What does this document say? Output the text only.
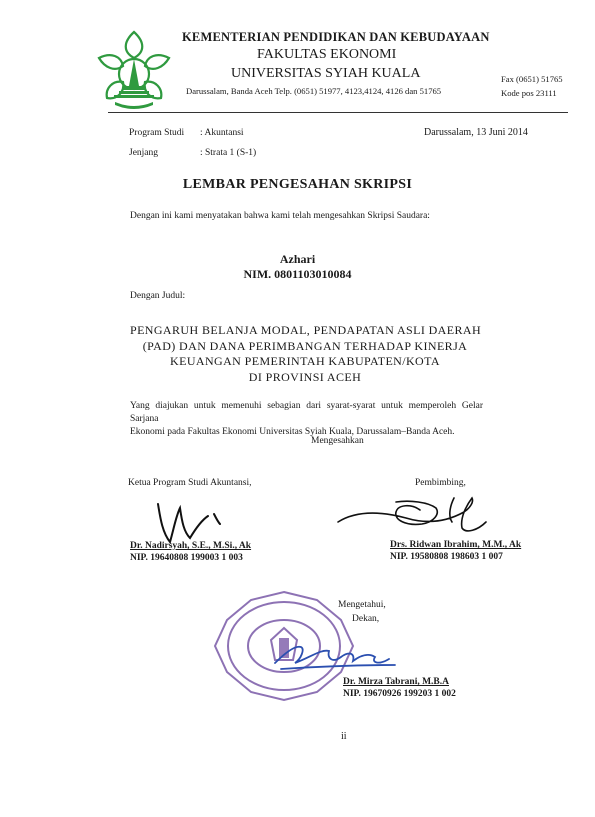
KEMENTERIAN PENDIDIKAN DAN KEBUDAYAAN
FAKULTAS EKONOMI
UNIVERSITAS SYIAH KUALA
Darussalam, Banda Aceh Telp. (0651) 51977, 4123,4124, 4126 dan 51765
Fax (0651) 51765
Kode pos 23111
Program Studi : Akuntansi
Jenjang	: Strata 1 (S-1)
Darussalam, 13 Juni 2014
LEMBAR PENGESAHAN SKRIPSI
Dengan ini kami menyatakan bahwa kami telah mengesahkan Skripsi Saudara:
Azhari
NIM. 0801103010084
Dengan Judul:
PENGARUH BELANJA MODAL, PENDAPATAN ASLI DAERAH
(PAD) DAN DANA PERIMBANGAN TERHADAP KINERJA
KEUANGAN PEMERINTAH KABUPATEN/KOTA
DI PROVINSI ACEH
Yang diajukan untuk memenuhi sebagian dari syarat-syarat untuk memperoleh Gelar Sarjana
Ekonomi pada Fakultas Ekonomi Universitas Syiah Kuala, Darussalam–Banda Aceh.
Mengesahkan
Ketua Program Studi Akuntansi,	Pembimbing,
Dr. Nadirsyah, S.E., M.Si., Ak
NIP. 19640808 199003 1 003
Drs. Ridwan Ibrahim, M.M., Ak
NIP. 19580808 198603 1 007
Mengetahui,
Dekan,
Dr. Mirza Tabrani, M.B.A
NIP. 19670926 199203 1 002
ii
